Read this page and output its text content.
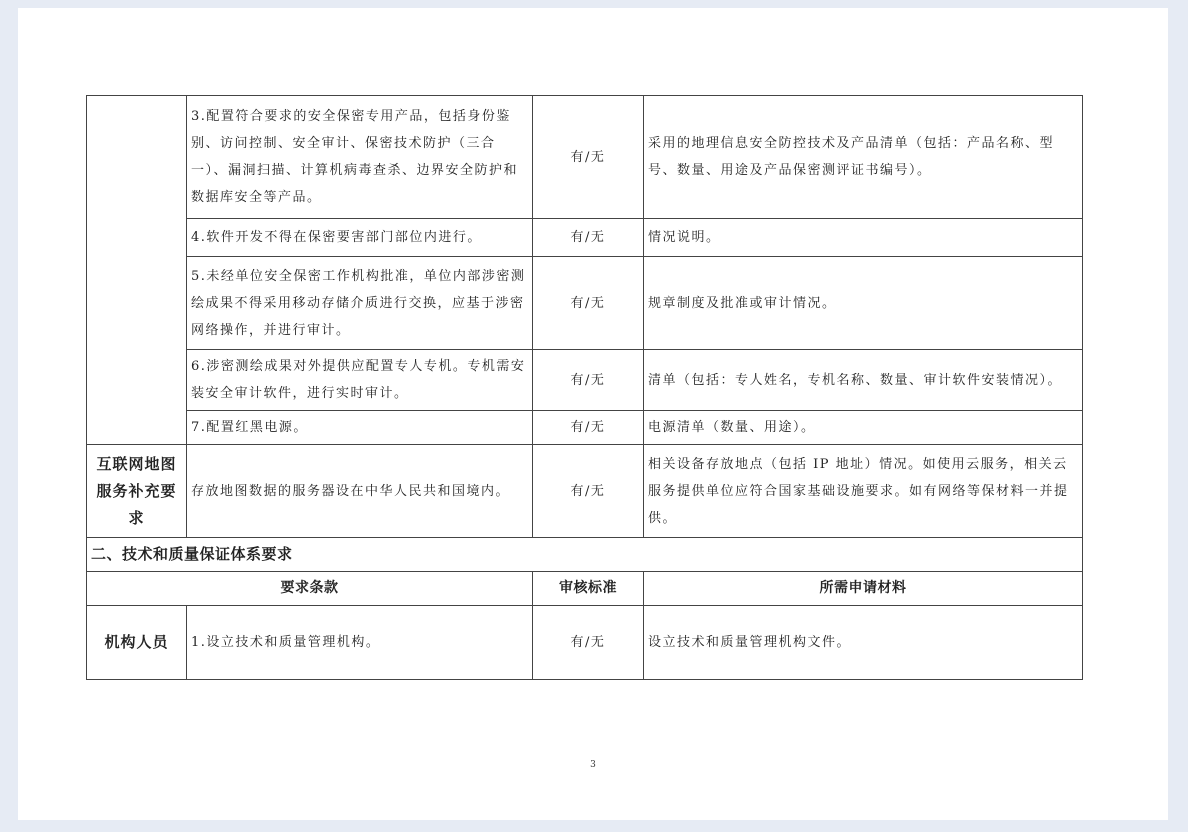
	3.配置符合要求的安全保密专用产品，包括身份鉴别、访问控制、安全审计、保密技术防护（三合一）、漏洞扫描、计算机病毒查杀、边界安全防护和数据库安全等产品。	有/无	采用的地理信息安全防控技术及产品清单（包括：产品名称、型号、数量、用途及产品保密测评证书编号）。
	4.软件开发不得在保密要害部门部位内进行。	有/无	情况说明。
	5.未经单位安全保密工作机构批准，单位内部涉密测绘成果不得采用移动存储介质进行交换，应基于涉密网络操作，并进行审计。	有/无	规章制度及批准或审计情况。
	6.涉密测绘成果对外提供应配置专人专机。专机需安装安全审计软件，进行实时审计。	有/无	清单（包括：专人姓名，专机名称、数量、审计软件安装情况）。
	7.配置红黑电源。	有/无	电源清单（数量、用途）。
互联网地图服务补充要求	存放地图数据的服务器设在中华人民共和国境内。	有/无	相关设备存放地点（包括 IP 地址）情况。如使用云服务，相关云服务提供单位应符合国家基础设施要求。如有网络等保材料一并提供。
二、技术和质量保证体系要求			
要求条款		审核标准	所需申请材料
机构人员	1.设立技术和质量管理机构。	有/无	设立技术和质量管理机构文件。
3
